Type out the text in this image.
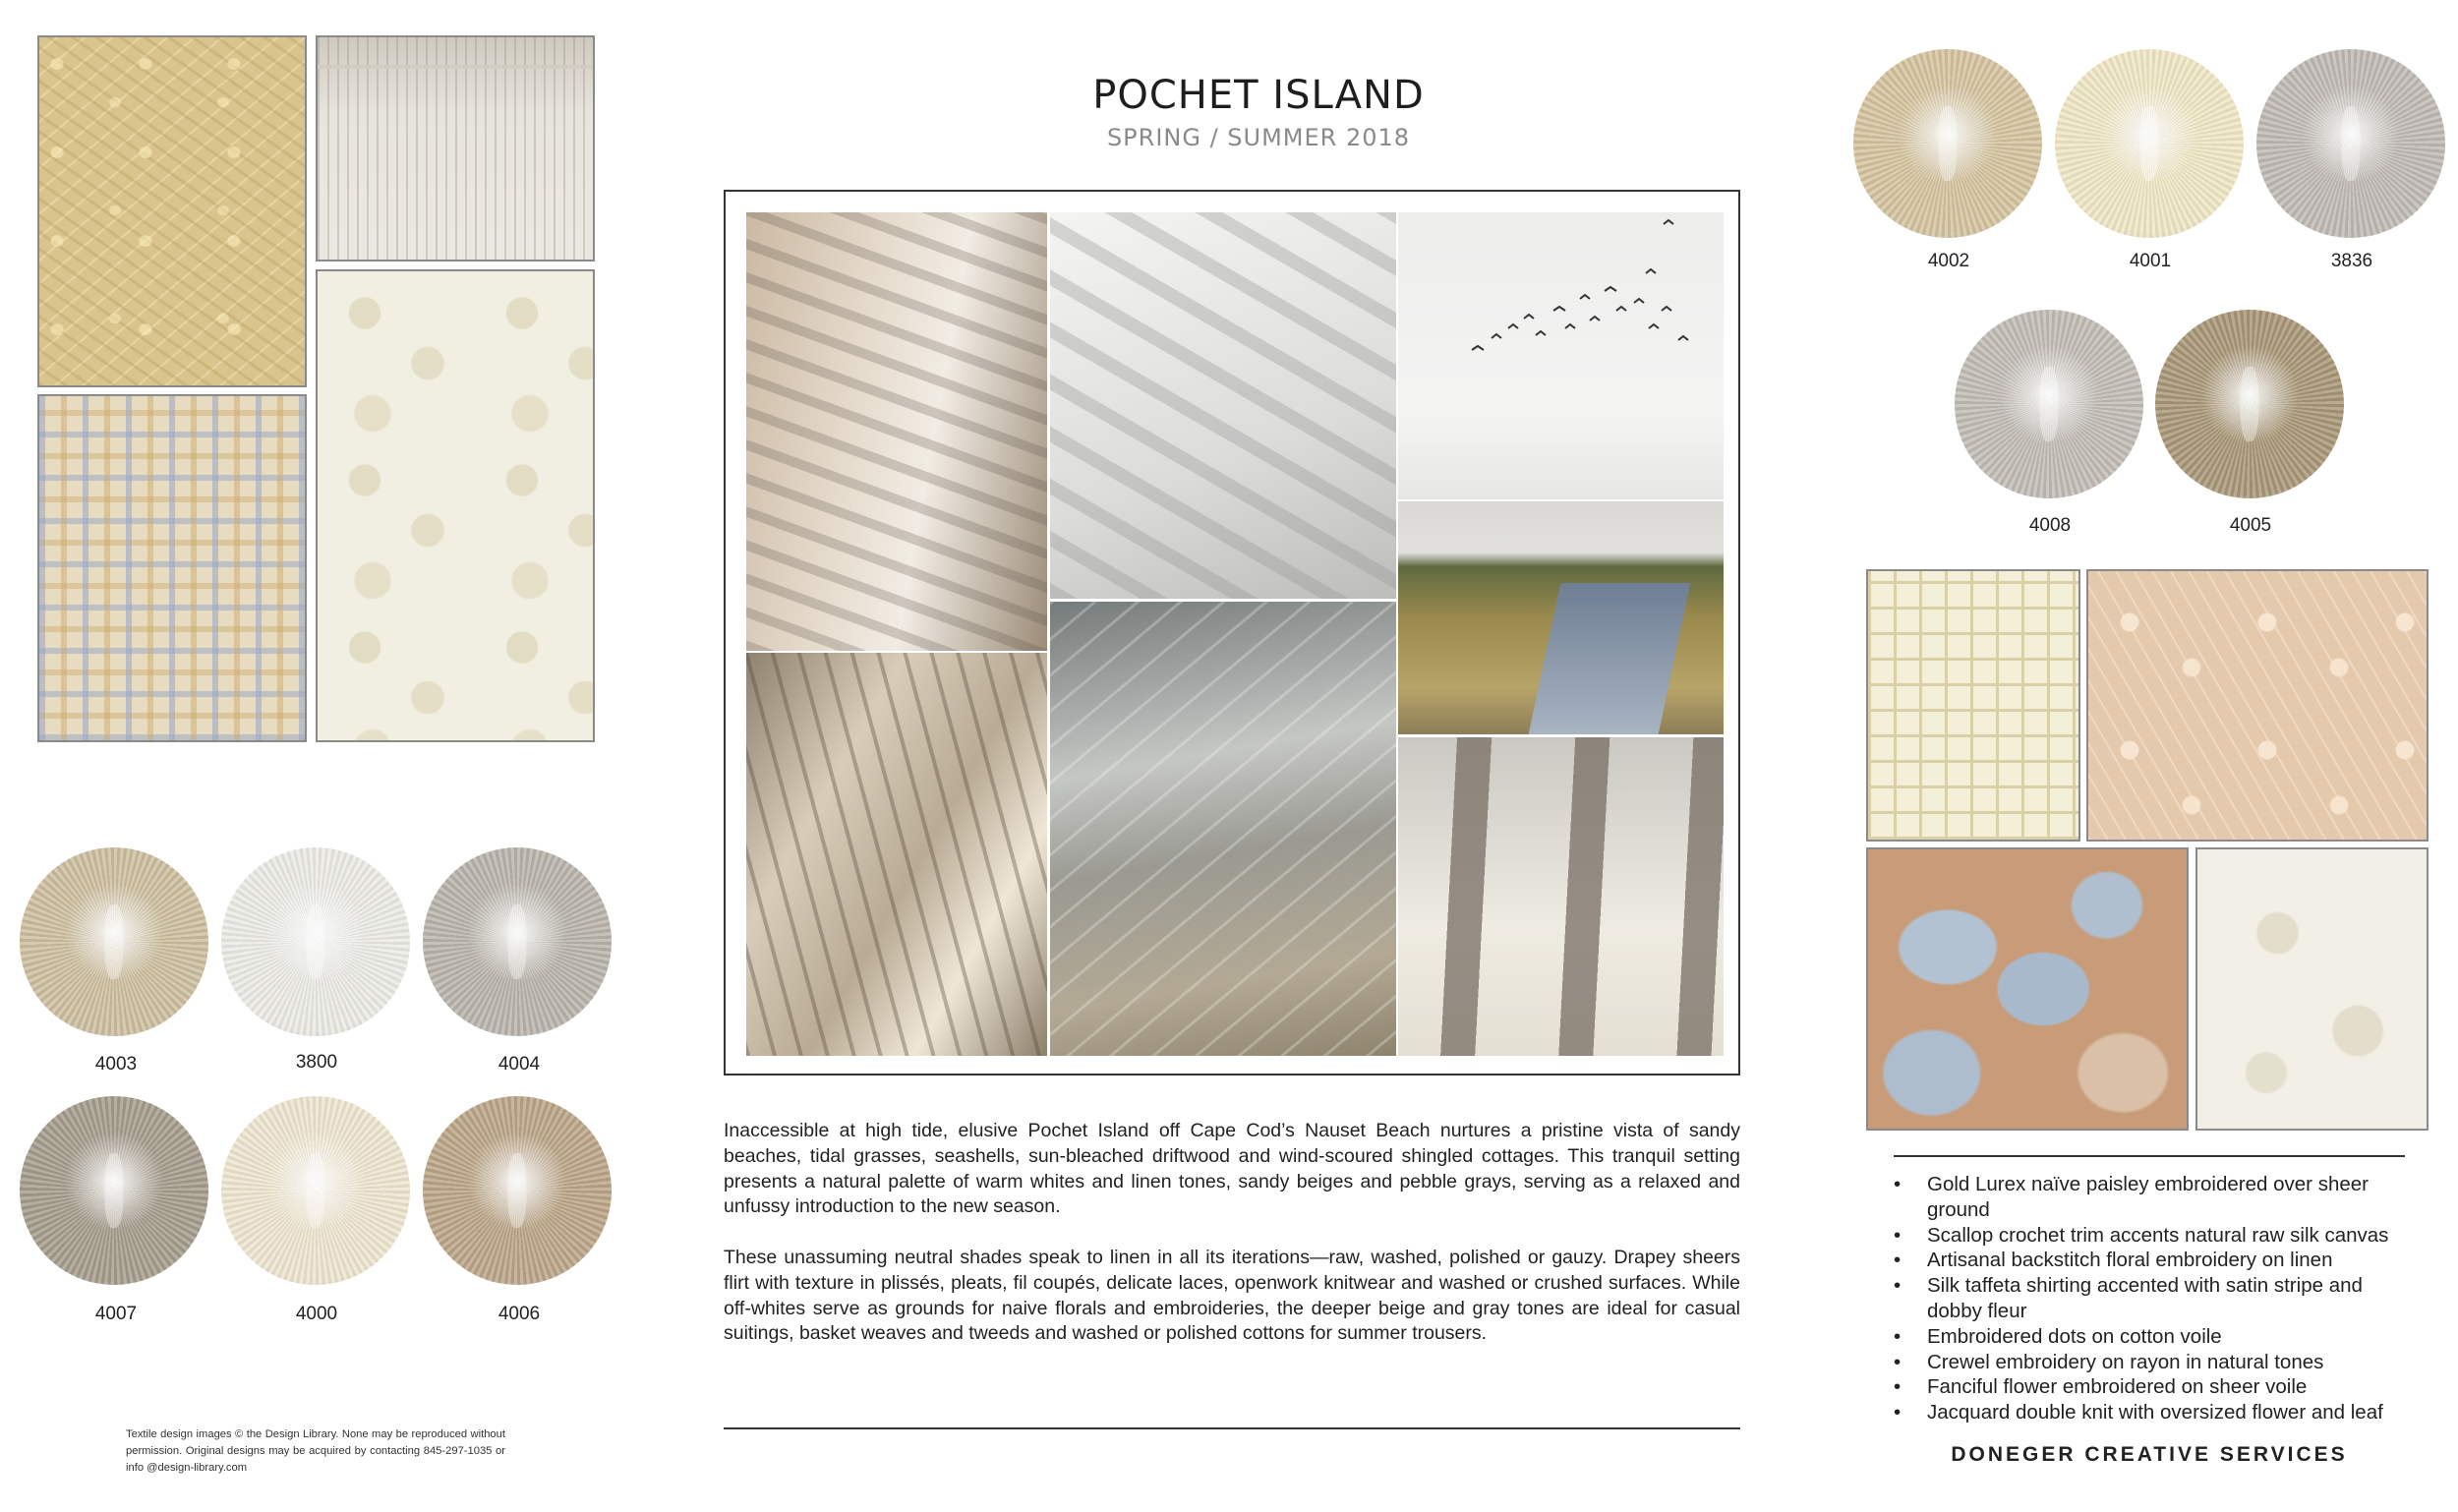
4003	3800	4004
4007	4000	4006
Textile design images © the Design Library. None may be reproduced without permission. Original designs may be acquired by contacting 845-297-1035 or info @design-library.com
POCHET ISLAND
SPRING / SUMMER 2018

Inaccessible at high tide, elusive Pochet Island off Cape Cod’s Nauset Beach nurtures a pristine vista of sandy beaches, tidal grasses, seashells, sun-bleached driftwood and wind-scoured shingled cottages. This tranquil setting presents a natural palette of warm whites and linen tones, sandy beiges and pebble grays, serving as a relaxed and unfussy introduction to the new season.

These unassuming neutral shades speak to linen in all its iterations—raw, washed, polished or gauzy. Drapey sheers flirt with texture in plissés, pleats, fil coupés, delicate laces, openwork knitwear and washed or crushed surfaces. While off-whites serve as grounds for naive florals and embroideries, the deeper beige and gray tones are ideal for casual suitings, basket weaves and tweeds and washed or polished cottons for summer trousers.

4002	4001	3836
4008	4005
• Gold Lurex naïve paisley embroidered over sheer ground
• Scallop crochet trim accents natural raw silk canvas
• Artisanal backstitch floral embroidery on linen
• Silk taffeta shirting accented with satin stripe and dobby fleur
• Embroidered dots on cotton voile
• Crewel embroidery on rayon in natural tones
• Fanciful flower embroidered on sheer voile
• Jacquard double knit with oversized flower and leaf
DONEGER CREATIVE SERVICES
